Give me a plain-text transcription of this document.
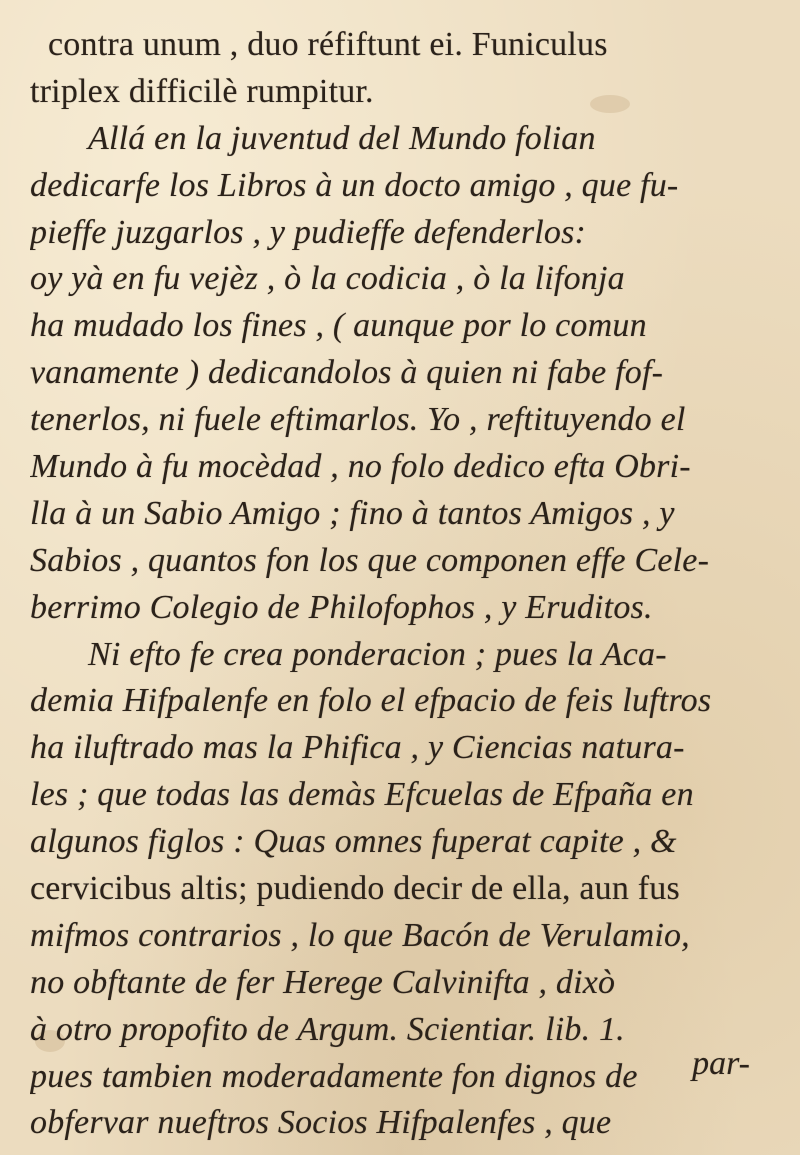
contra unum , duo réfiftunt ei. Funiculus
triplex difficilè rumpitur.
Allá en la juventud del Mundo folian
dedicarfe los Libros à un docto amigo , que fu-
pieffe juzgarlos , y pudieffe defenderlos:
oy yà en fu vejèz , ò la codicia , ò la lifonja
ha mudado los fines , ( aunque por lo comun
vanamente ) dedicandolos à quien ni fabe fof-
tenerlos, ni fuele eftimarlos. Yo , reftituyendo el
Mundo à fu mocèdad , no folo dedico efta Obri-
lla à un Sabio Amigo ; fino à tantos Amigos , y
Sabios , quantos fon los que componen effe Cele-
berrimo Colegio de Philofophos , y Eruditos.
Ni efto fe crea ponderacion ; pues la Aca-
demia Hifpalenfe en folo el efpacio de feis luftros
ha iluftrado mas la Phifica , y Ciencias natura-
les ; que todas las demàs Efcuelas de Efpaña en
algunos figlos : Quas omnes fuperat capite , &
cervicibus altis; pudiendo decir de ella, aun fus
mifmos contrarios , lo que Bacón de Verulamio,
no obftante de fer Herege Calvinifta , dixò
à otro propofito de Argum. Scientiar. lib. 1.
pues tambien moderadamente fon dignos de
obfervar nueftros Socios Hifpalenfes , que
par-
